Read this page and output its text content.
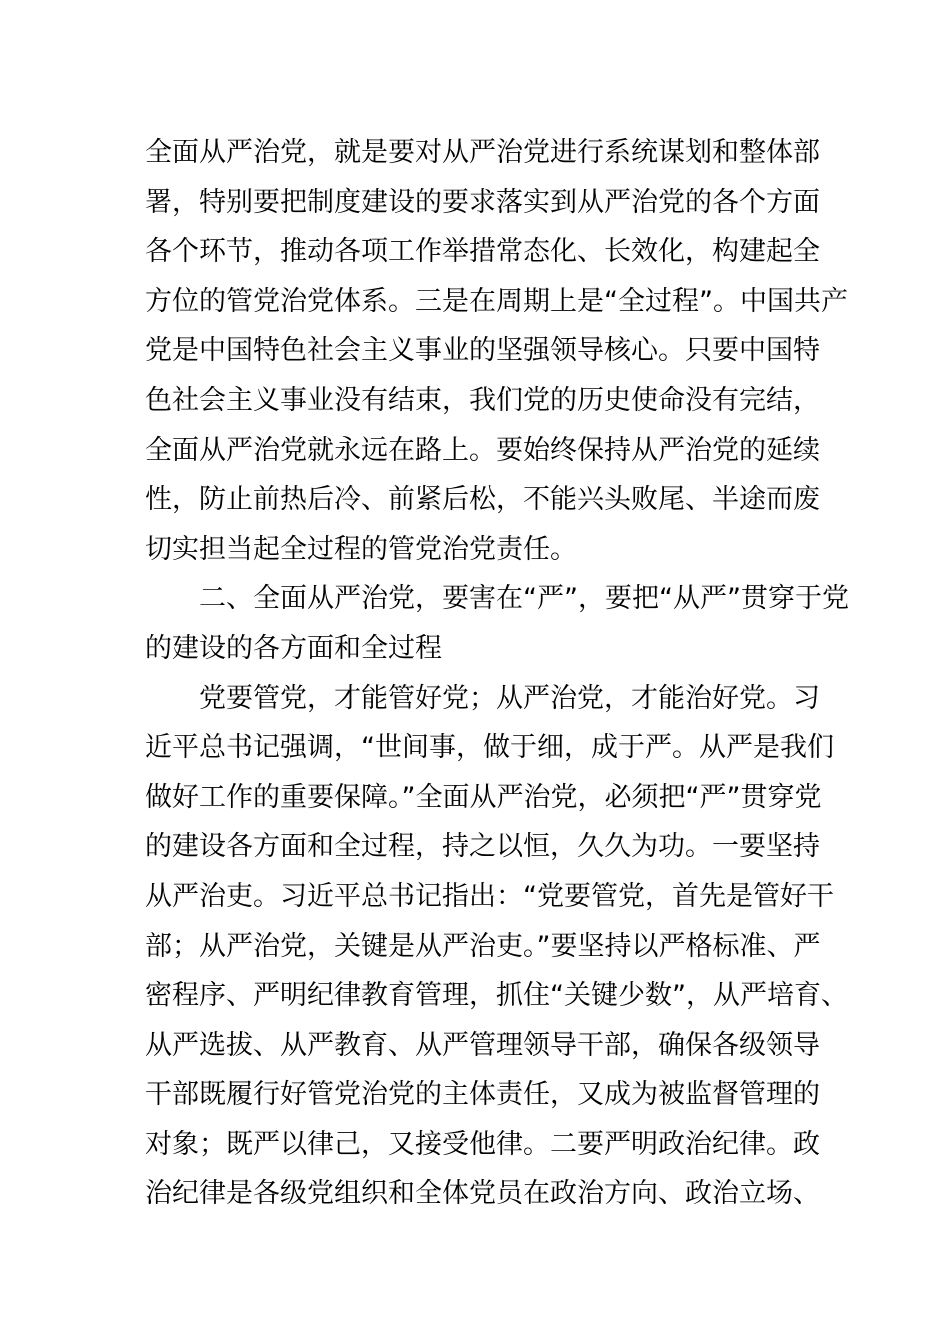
全面从严治党，就是要对从严治党进行系统谋划和整体部
署，特别要把制度建设的要求落实到从严治党的各个方面
各个环节，推动各项工作举措常态化、长效化，构建起全
方位的管党治党体系。三是在周期上是“全过程”。中国共产
党是中国特色社会主义事业的坚强领导核心。只要中国特
色社会主义事业没有结束，我们党的历史使命没有完结，
全面从严治党就永远在路上。要始终保持从严治党的延续
性，防止前热后冷、前紧后松，不能兴头败尾、半途而废
切实担当起全过程的管党治党责任。
二、全面从严治党，要害在“严”，要把“从严”贯穿于党
的建设的各方面和全过程
党要管党，才能管好党；从严治党，才能治好党。习
近平总书记强调，“世间事，做于细，成于严。从严是我们
做好工作的重要保障。”全面从严治党，必须把“严”贯穿党
的建设各方面和全过程，持之以恒，久久为功。一要坚持
从严治吏。习近平总书记指出：“党要管党，首先是管好干
部；从严治党，关键是从严治吏。”要坚持以严格标准、严
密程序、严明纪律教育管理，抓住“关键少数”，从严培育、
从严选拔、从严教育、从严管理领导干部，确保各级领导
干部既履行好管党治党的主体责任，又成为被监督管理的
对象；既严以律己，又接受他律。二要严明政治纪律。政
治纪律是各级党组织和全体党员在政治方向、政治立场、
